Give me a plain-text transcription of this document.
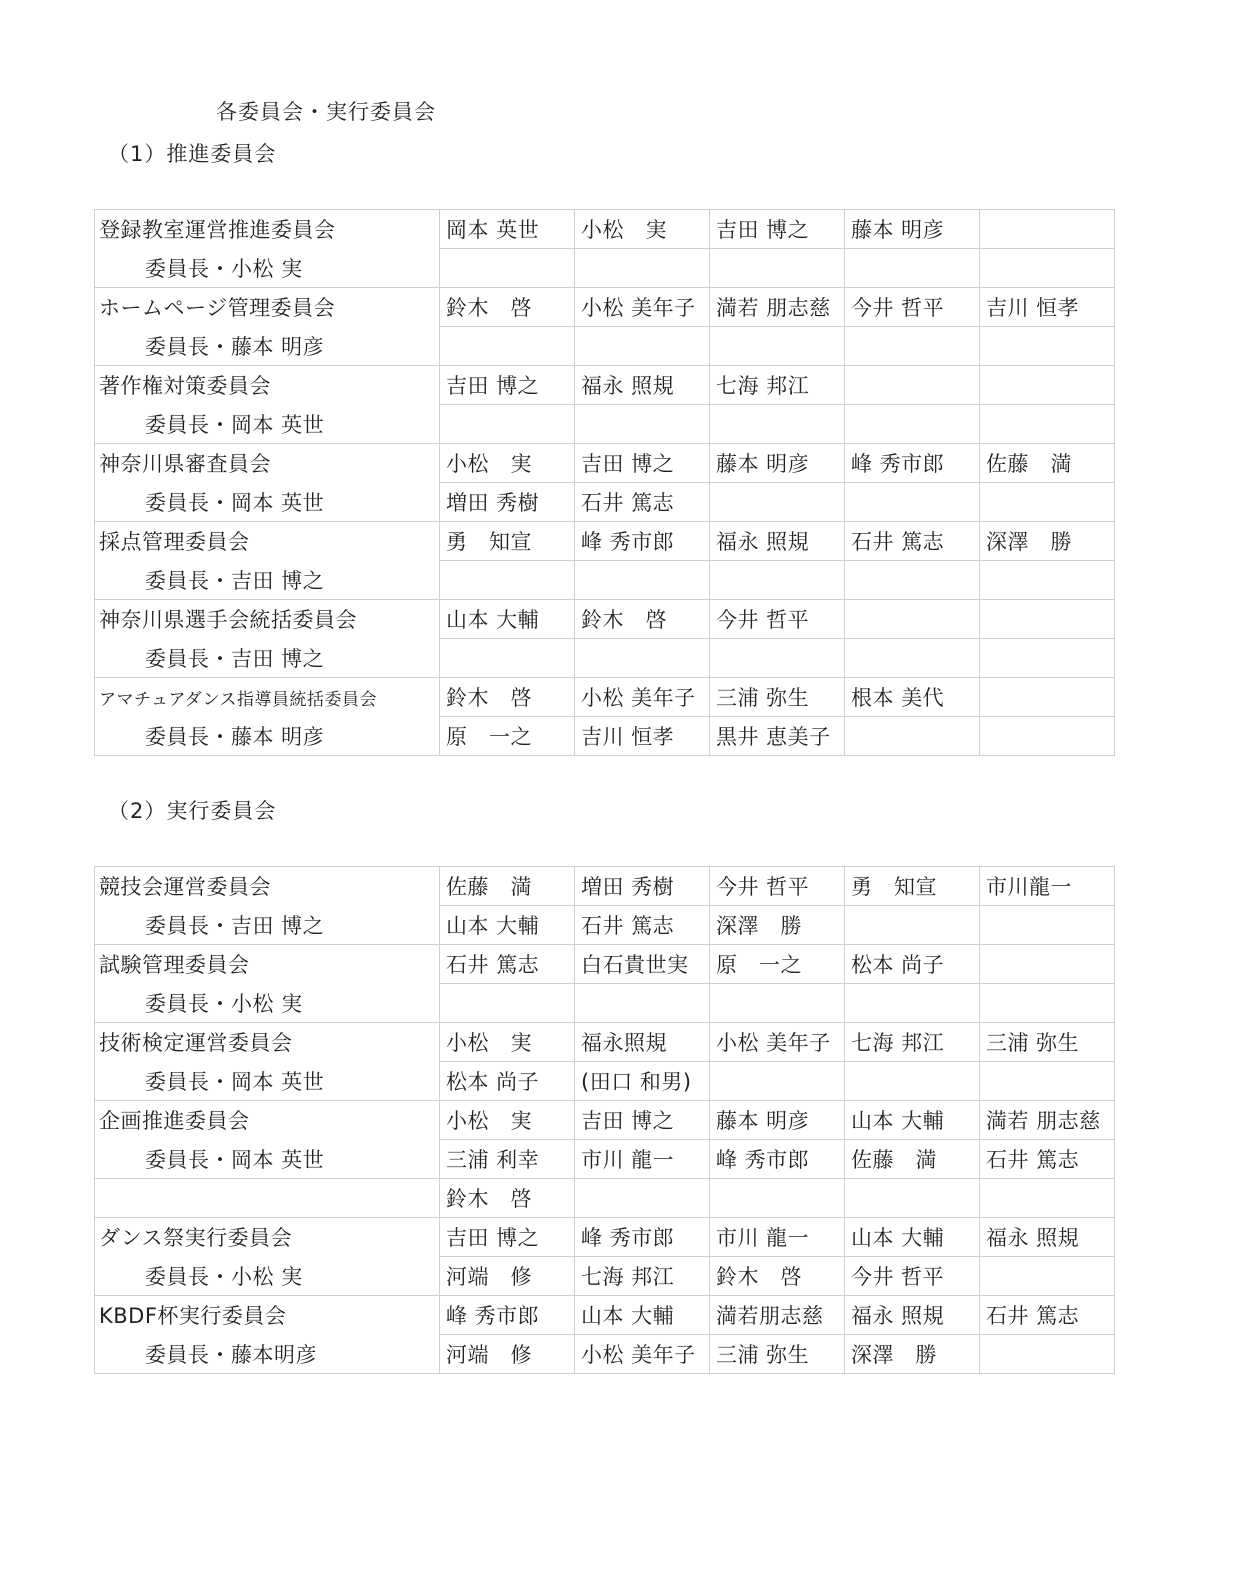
各委員会・実行委員会
（1）推進委員会
登録教室運営推進委員会	岡本 英世	小松　実	吉田 博之	藤本 明彦	
委員長・小松 実					
ホームページ管理委員会	鈴木　啓	小松 美年子	満若 朋志慈	今井 哲平	吉川 恒孝
委員長・藤本 明彦					
著作権対策委員会	吉田 博之	福永 照規	七海 邦江		
委員長・岡本 英世					
神奈川県審査員会	小松　実	吉田 博之	藤本 明彦	峰 秀市郎	佐藤　満
委員長・岡本 英世	増田 秀樹	石井 篤志			
採点管理委員会	勇　知宣	峰 秀市郎	福永 照規	石井 篤志	深澤　勝
委員長・吉田 博之					
神奈川県選手会統括委員会	山本 大輔	鈴木　啓	今井 哲平		
委員長・吉田 博之					
アマチュアダンス指導員統括委員会	鈴木　啓	小松 美年子	三浦 弥生	根本 美代	
委員長・藤本 明彦	原　一之	吉川 恒孝	黒井 恵美子		
（2）実行委員会
競技会運営委員会	佐藤　満	増田 秀樹	今井 哲平	勇　知宣	市川龍一
委員長・吉田 博之	山本 大輔	石井 篤志	深澤　勝		
試験管理委員会	石井 篤志	白石貴世実	原　一之	松本 尚子	
委員長・小松 実					
技術検定運営委員会	小松　実	福永照規	小松 美年子	七海 邦江	三浦 弥生
委員長・岡本 英世	松本 尚子	(田口 和男)			
企画推進委員会	小松　実	吉田 博之	藤本 明彦	山本 大輔	満若 朋志慈
委員長・岡本 英世	三浦 利幸	市川 龍一	峰 秀市郎	佐藤　満	石井 篤志
	鈴木　啓				
ダンス祭実行委員会	吉田 博之	峰 秀市郎	市川 龍一	山本 大輔	福永 照規
委員長・小松 実	河端　修	七海 邦江	鈴木　啓	今井 哲平	
KBDF杯実行委員会	峰 秀市郎	山本 大輔	満若朋志慈	福永 照規	石井 篤志
委員長・藤本明彦	河端　修	小松 美年子	三浦 弥生	深澤　勝	
